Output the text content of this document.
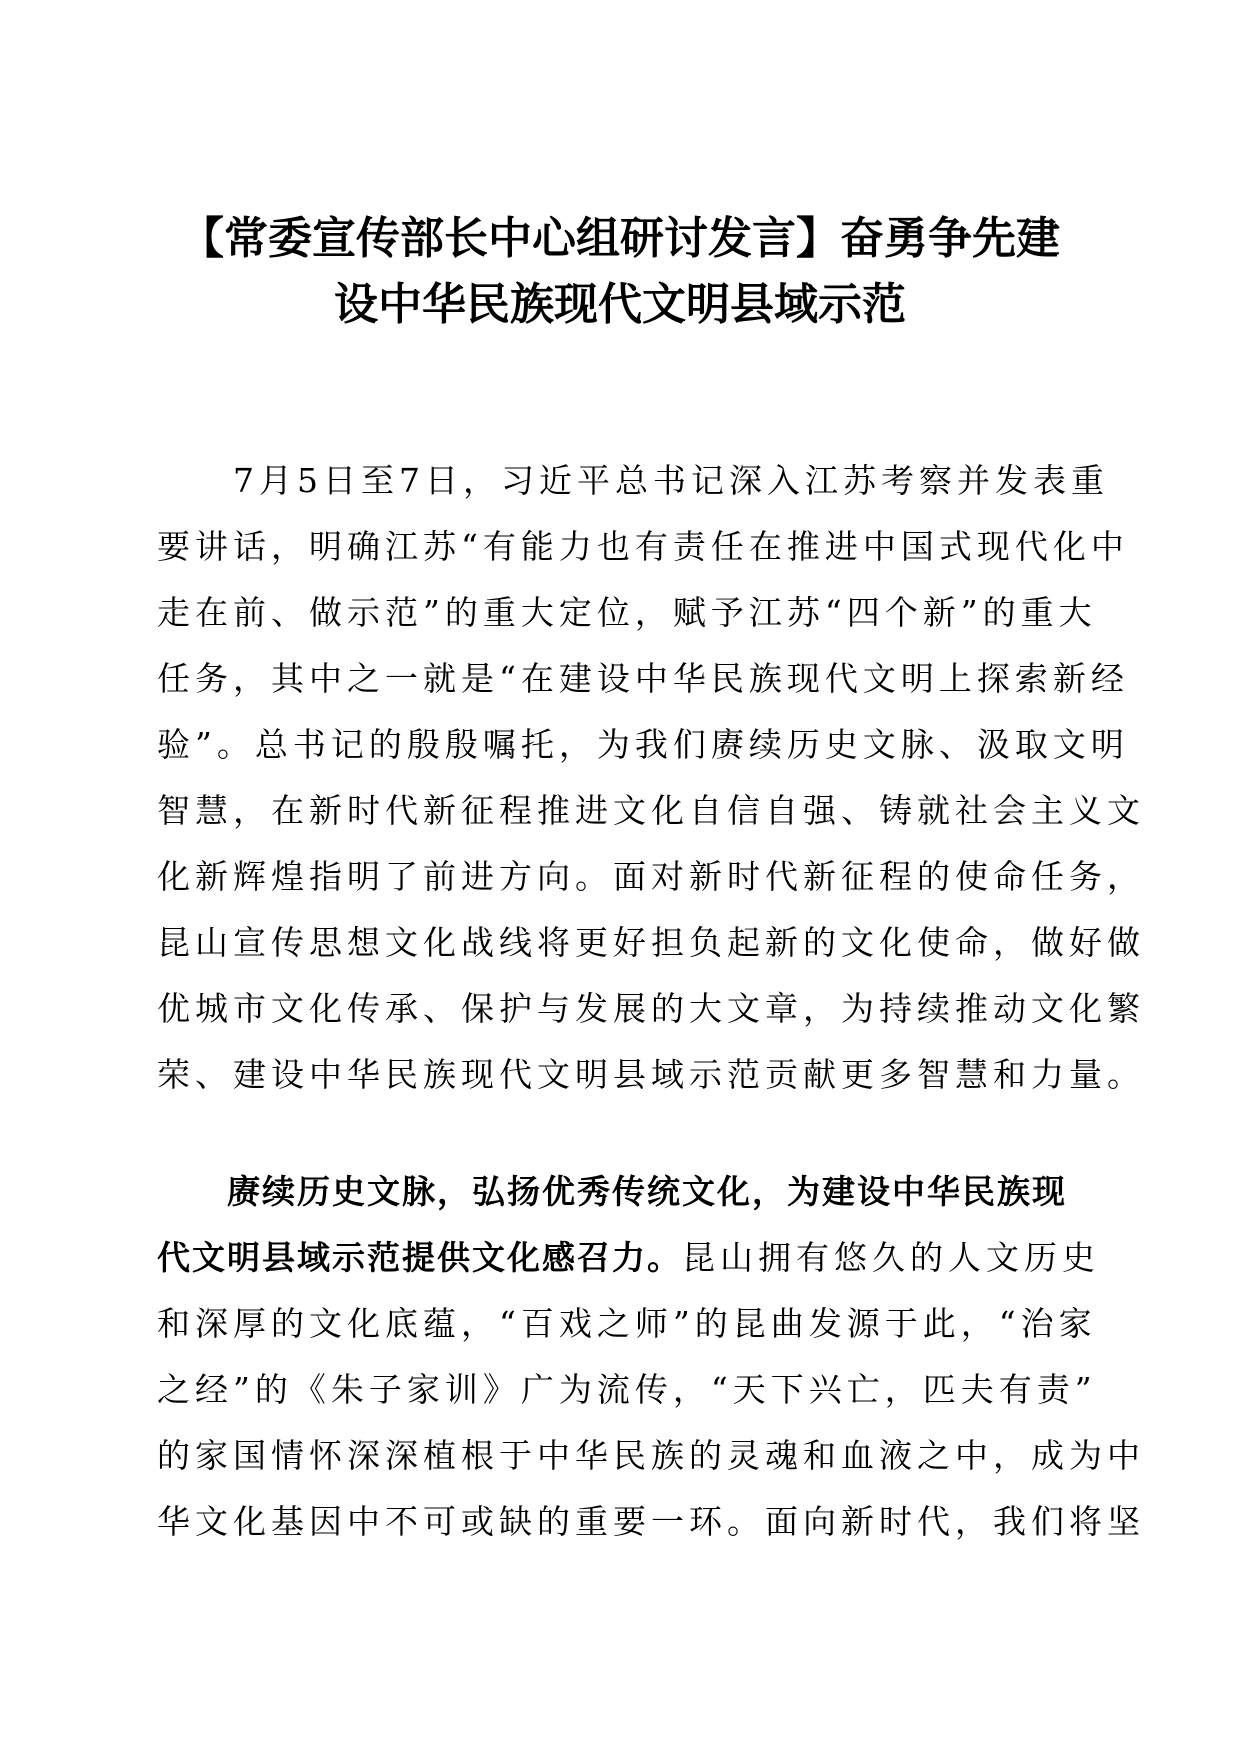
【常委宣传部长中心组研讨发言】奋勇争先建
设中华民族现代文明县域示范
　　7月5日至7日，习近平总书记深入江苏考察并发表重
要讲话，明确江苏“有能力也有责任在推进中国式现代化中
走在前、做示范”的重大定位，赋予江苏“四个新”的重大
任务，其中之一就是“在建设中华民族现代文明上探索新经
验”。总书记的殷殷嘱托，为我们赓续历史文脉、汲取文明
智慧，在新时代新征程推进文化自信自强、铸就社会主义文
化新辉煌指明了前进方向。面对新时代新征程的使命任务，
昆山宣传思想文化战线将更好担负起新的文化使命，做好做
优城市文化传承、保护与发展的大文章，为持续推动文化繁
荣、建设中华民族现代文明县域示范贡献更多智慧和力量。
　　赓续历史文脉，弘扬优秀传统文化，为建设中华民族现
代文明县域示范提供文化感召力。昆山拥有悠久的人文历史
和深厚的文化底蕴，“百戏之师”的昆曲发源于此，“治家
之经”的《朱子家训》广为流传，“天下兴亡，匹夫有责”
的家国情怀深深植根于中华民族的灵魂和血液之中，成为中
华文化基因中不可或缺的重要一环。面向新时代，我们将坚
